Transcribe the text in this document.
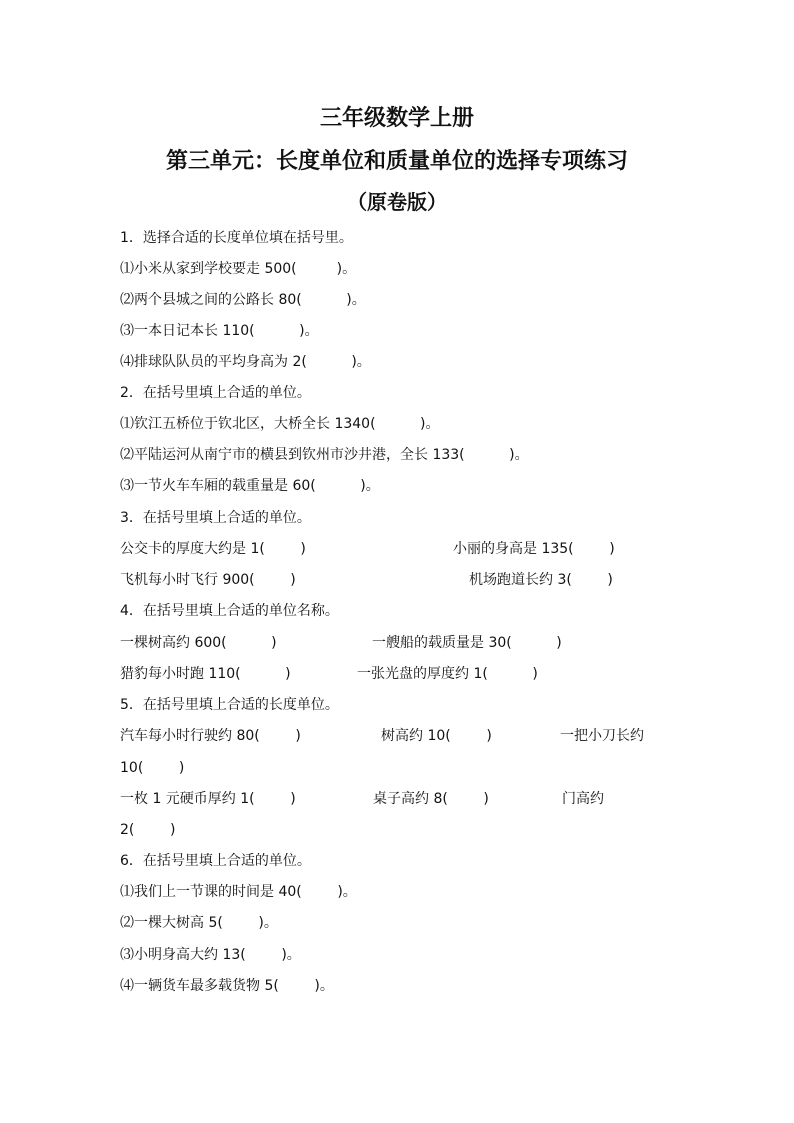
三年级数学上册
第三单元：长度单位和质量单位的选择专项练习
（原卷版）
1．选择合适的长度单位填在括号里。
⑴小米从家到学校要走 500(         )。
⑵两个县城之间的公路长 80(          )。
⑶一本日记本长 110(          )。
⑷排球队队员的平均身高为 2(          )。
2．在括号里填上合适的单位。
⑴钦江五桥位于钦北区，大桥全长 1340(          )。
⑵平陆运河从南宁市的横县到钦州市沙井港，全长 133(          )。
⑶一节火车车厢的载重量是 60(          )。
3．在括号里填上合适的单位。
公交卡的厚度大约是 1(        )	小丽的身高是 135(        )
飞机每小时飞行 900(        )	机场跑道长约 3(        )
4．在括号里填上合适的单位名称。
一棵树高约 600(          )	一艘船的载质量是 30(          )
猎豹每小时跑 110(          )	一张光盘的厚度约 1(          )
5．在括号里填上合适的长度单位。
汽车每小时行驶约 80(        )	树高约 10(        )	一把小刀长约
10(        )
一枚 1 元硬币厚约 1(        )	桌子高约 8(        )	门高约
2(        )
6．在括号里填上合适的单位。
⑴我们上一节课的时间是 40(        )。
⑵一棵大树高 5(        )。
⑶小明身高大约 13(        )。
⑷一辆货车最多载货物 5(        )。
